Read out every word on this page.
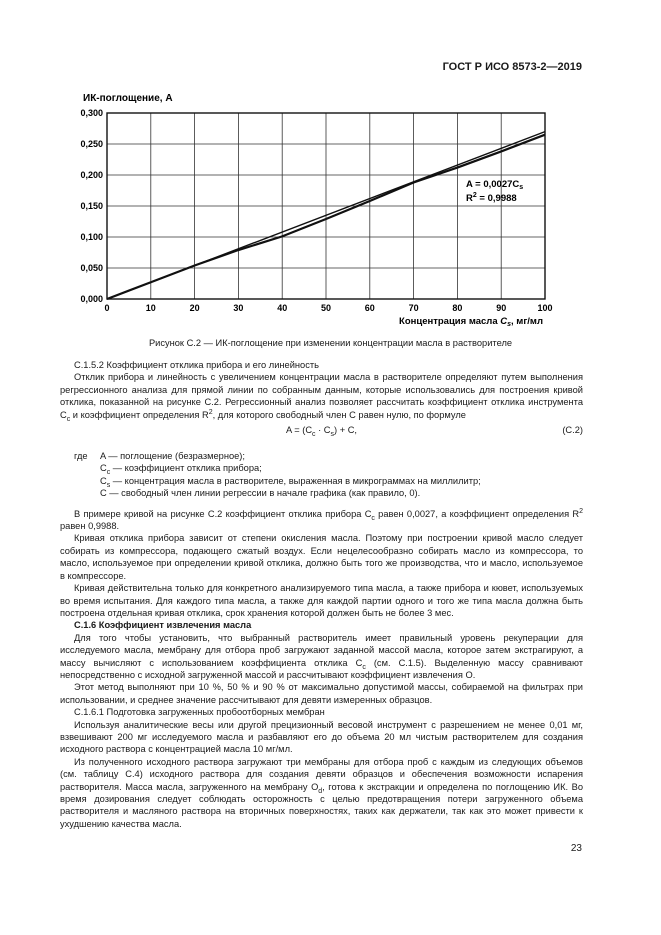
ГОСТ Р ИСО 8573-2—2019
0	10	20	30	40	50	60	70	80	90	100
0,000
0,050
0,100
0,150
0,200
0,250
0,300
ИК-поглощение, A
Концентрация масла $C_s$, мг/мл
$A = 0,0027C_s$
$R^2 = 0,9988$
Рисунок С.2 — ИК-поглощение при изменении концентрации масла в растворителе

С.1.5.2 Коэффициент отклика прибора и его линейность

Отклик прибора и линейность с увеличением концентрации масла в растворителе определяют путем выполнения регрессионного анализа для прямой линии по собранным данным, которые использовались для построения кривой отклика, показанной на рисунке С.2. Регрессионный анализ позволяет рассчитать коэффициент отклика инструмента $C_c$ и коэффициент определения $R^2$, для которого свободный член C равен нулю, по формуле

$A = (C_c \cdot C_s) + C$,	(С.2)

где A — поглощение (безразмерное);

$C_c$ — коэффициент отклика прибора;

$C_s$ — концентрация масла в растворителе, выраженная в микрограммах на миллилитр;

C — свободный член линии регрессии в начале графика (как правило, 0).

В примере кривой на рисунке С.2 коэффициент отклика прибора $C_c$ равен 0,0027, а коэффициент определения $R^2$ равен 0,9988.

Кривая отклика прибора зависит от степени окисления масла. Поэтому при построении кривой масло следует собирать из компрессора, подающего сжатый воздух. Если нецелесообразно собирать масло из компрессора, то масло, используемое при определении кривой отклика, должно быть того же производства, что и масло, используемое в компрессоре.

Кривая действительна только для конкретного анализируемого типа масла, а также прибора и кювет, используемых во время испытания. Для каждого типа масла, а также для каждой партии одного и того же типа масла должна быть построена отдельная кривая отклика, срок хранения которой должен быть не более 3 мес.

С.1.6 Коэффициент извлечения масла

Для того чтобы установить, что выбранный растворитель имеет правильный уровень рекуперации для исследуемого масла, мембрану для отбора проб загружают заданной массой масла, которое затем экстрагируют, а массу вычисляют с использованием коэффициента отклика $C_c$ (см. С.1.5). Выделенную массу сравнивают непосредственно с исходной загруженной массой и рассчитывают коэффициент извлечения O.

Этот метод выполняют при 10 %, 50 % и 90 % от максимально допустимой массы, собираемой на фильтрах при использовании, и среднее значение рассчитывают для девяти измеренных образцов.

С.1.6.1 Подготовка загруженных пробоотборных мембран

Используя аналитические весы или другой прецизионный весовой инструмент с разрешением не менее 0,01 мг, взвешивают 200 мг исследуемого масла и разбавляют его до объема 20 мл чистым растворителем для создания исходного раствора с концентрацией масла 10 мг/мл.

Из полученного исходного раствора загружают три мембраны для отбора проб с каждым из следующих объемов (см. таблицу С.4) исходного раствора для создания девяти образцов и обеспечения возможности испарения растворителя. Масса масла, загруженного на мембрану $O_d$, готова к экстракции и определена по поглощению ИК. Во время дозирования следует соблюдать осторожность с целью предотвращения потери загруженного объема растворителя и масляного раствора на вторичных поверхностях, таких как держатели, так как это может привести к ухудшению качества масла.

23
